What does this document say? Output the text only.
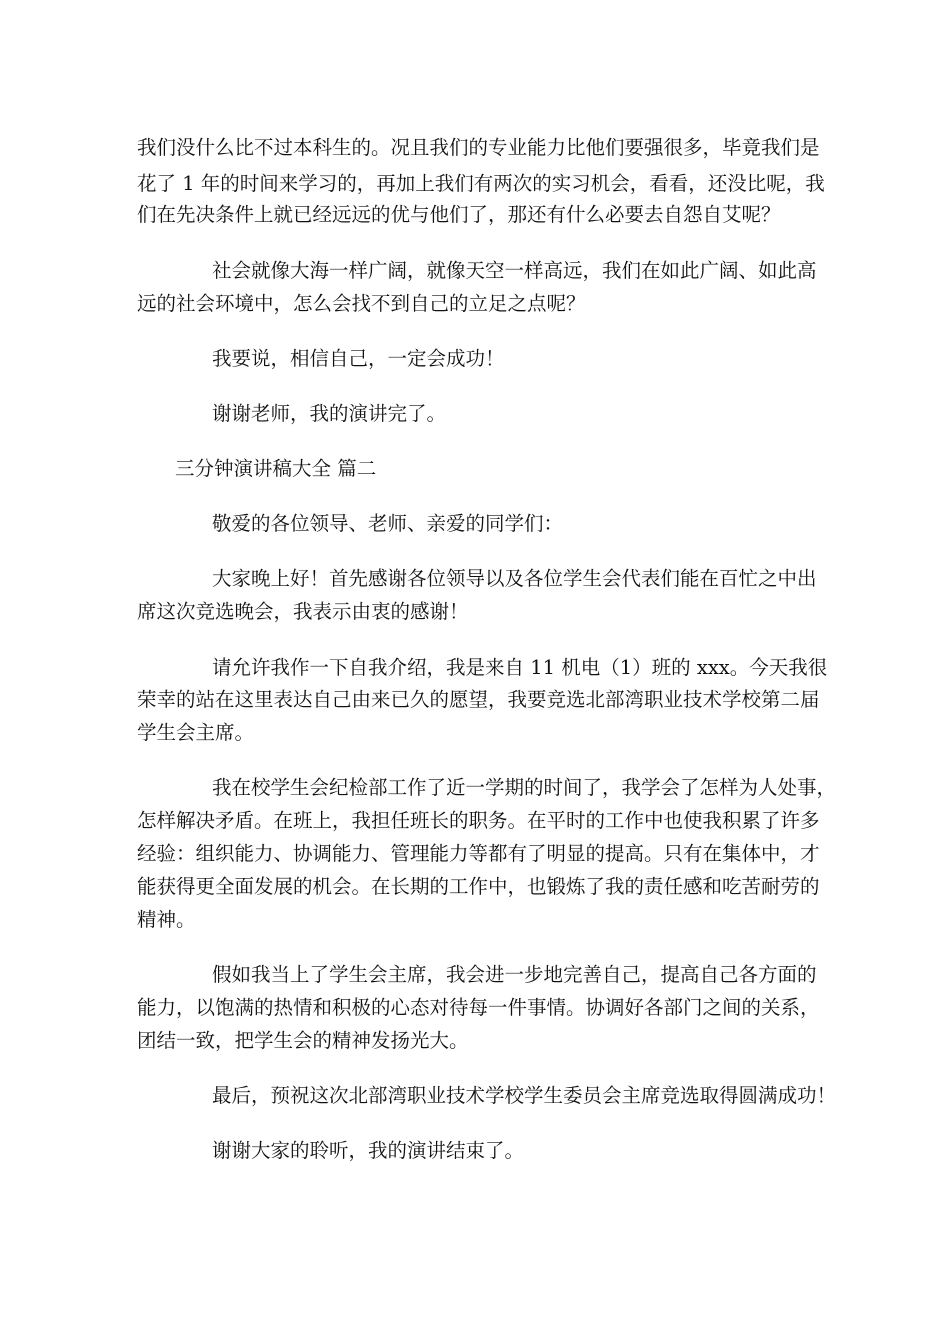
我们没什么比不过本科生的。况且我们的专业能力比他们要强很多，毕竟我们是
花了 1 年的时间来学习的，再加上我们有两次的实习机会，看看，还没比呢，我
们在先决条件上就已经远远的优与他们了，那还有什么必要去自怨自艾呢？
社会就像大海一样广阔，就像天空一样高远，我们在如此广阔、如此高
远的社会环境中，怎么会找不到自己的立足之点呢？
我要说，相信自己，一定会成功！
谢谢老师，我的演讲完了。
三分钟演讲稿大全 篇二
敬爱的各位领导、老师、亲爱的同学们：
大家晚上好！首先感谢各位领导以及各位学生会代表们能在百忙之中出
席这次竞选晚会，我表示由衷的感谢！
请允许我作一下自我介绍，我是来自 11 机电（1）班的 xxx。今天我很
荣幸的站在这里表达自己由来已久的愿望，我要竞选北部湾职业技术学校第二届
学生会主席。
我在校学生会纪检部工作了近一学期的时间了，我学会了怎样为人处事，
怎样解决矛盾。在班上，我担任班长的职务。在平时的工作中也使我积累了许多
经验：组织能力、协调能力、管理能力等都有了明显的提高。只有在集体中，才
能获得更全面发展的机会。在长期的工作中，也锻炼了我的责任感和吃苦耐劳的
精神。
假如我当上了学生会主席，我会进一步地完善自己，提高自己各方面的
能力，以饱满的热情和积极的心态对待每一件事情。协调好各部门之间的关系，
团结一致，把学生会的精神发扬光大。
最后，预祝这次北部湾职业技术学校学生委员会主席竞选取得圆满成功！
谢谢大家的聆听，我的演讲结束了。
